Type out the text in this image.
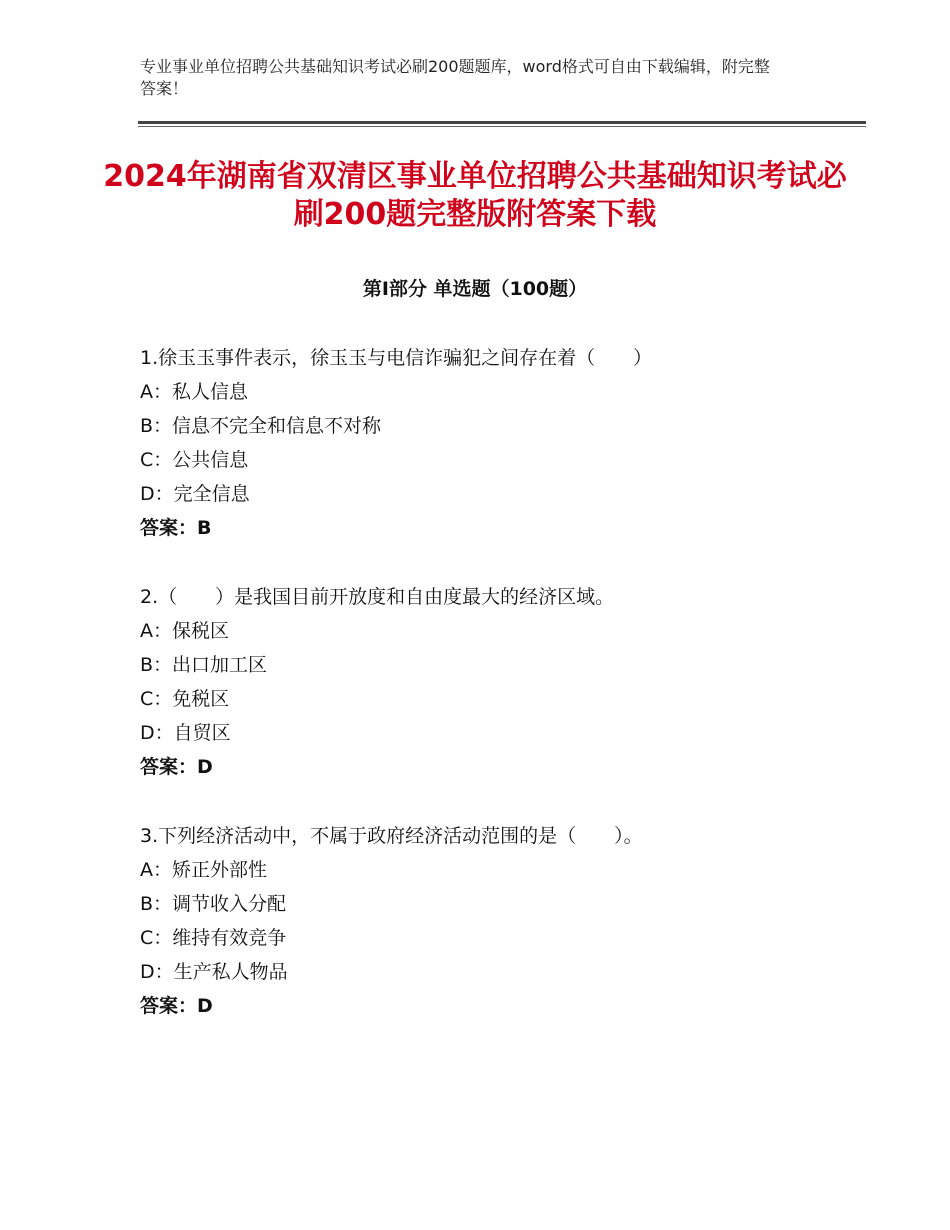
专业事业单位招聘公共基础知识考试必刷200题题库，word格式可自由下载编辑，附完整答案！
2024年湖南省双清区事业单位招聘公共基础知识考试必刷200题完整版附答案下载
第Ⅰ部分 单选题（100题）
1.徐玉玉事件表示，徐玉玉与电信诈骗犯之间存在着（　　）
A：私人信息
B：信息不完全和信息不对称
C：公共信息
D：完全信息
答案：B
2.（　　）是我国目前开放度和自由度最大的经济区域。
A：保税区
B：出口加工区
C：免税区
D：自贸区
答案：D
3.下列经济活动中，不属于政府经济活动范围的是（　　）。
A：矫正外部性
B：调节收入分配
C：维持有效竞争
D：生产私人物品
答案：D
